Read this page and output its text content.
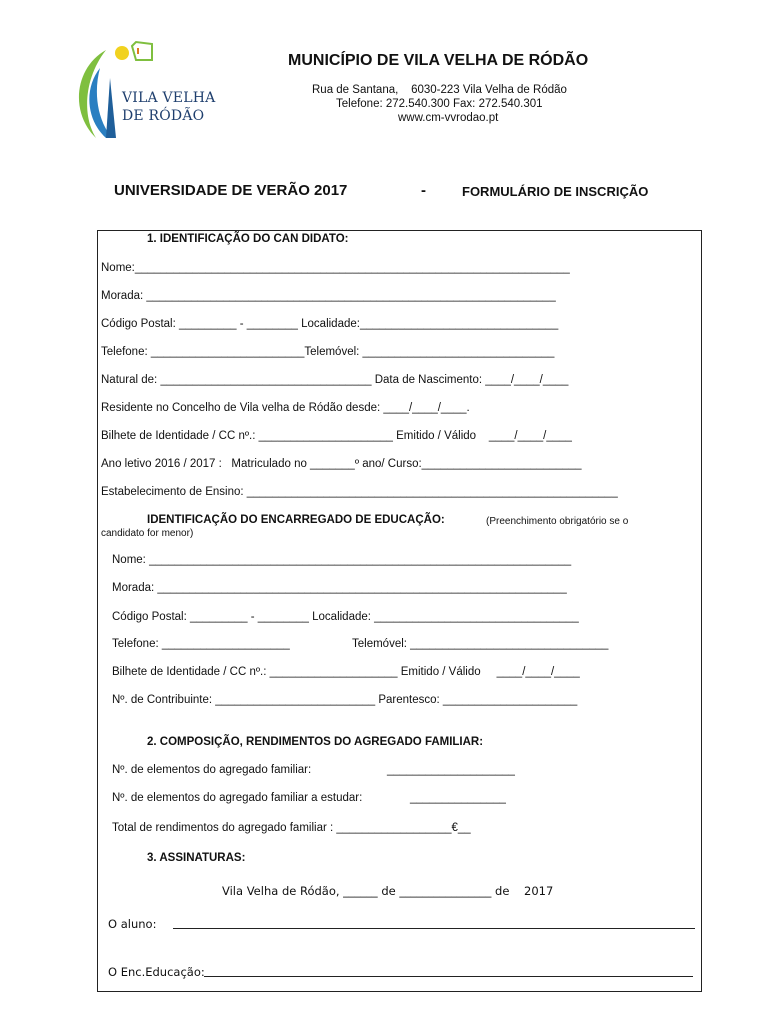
VILA VELHA
DE RÓDÃO
MUNICÍPIO DE VILA VELHA DE RÓDÃO
Rua de Santana,    6030-223 Vila Velha de Ródão
Telefone: 272.540.300 Fax: 272.540.301
www.cm-vvrodao.pt
UNIVERSIDADE DE VERÃO 2017	-	FORMULÁRIO DE INSCRIÇÃO
1. IDENTIFICAÇÃO DO CAN DIDATO:
Nome:____________________________________________________________________
Morada: ________________________________________________________________
Código Postal: _________ - ________ Localidade:_______________________________
Telefone: ________________________Telemóvel: ______________________________
Natural de: _________________________________ Data de Nascimento: ____/____/____
Residente no Concelho de Vila velha de Ródão desde: ____/____/____.
Bilhete de Identidade / CC nº.: _____________________ Emitido / Válido    ____/____/____
Ano letivo 2016 / 2017 :   Matriculado no _______º ano/ Curso:_________________________
Estabelecimento de Ensino: __________________________________________________________
IDENTIFICAÇÃO DO ENCARREGADO DE EDUCAÇÃO:	(Preenchimento obrigatório se o
candidato for menor)
Nome: __________________________________________________________________
Morada: ________________________________________________________________
Código Postal: _________ - ________ Localidade: ________________________________
Telefone: ____________________	Telemóvel: _______________________________
Bilhete de Identidade / CC nº.: ____________________ Emitido / Válido     ____/____/____
Nº. de Contribuinte: _________________________ Parentesco: _____________________
2. COMPOSIÇÃO, RENDIMENTOS DO AGREGADO FAMILIAR:
Nº. de elementos do agregado familiar:	____________________
Nº. de elementos do agregado familiar a estudar:	_______________
Total de rendimentos do agregado familiar : __________________€__
3. ASSINATURAS:
Vila Velha de Ródão, ______ de ________________ de    2017
O aluno:
O Enc.Educação:
